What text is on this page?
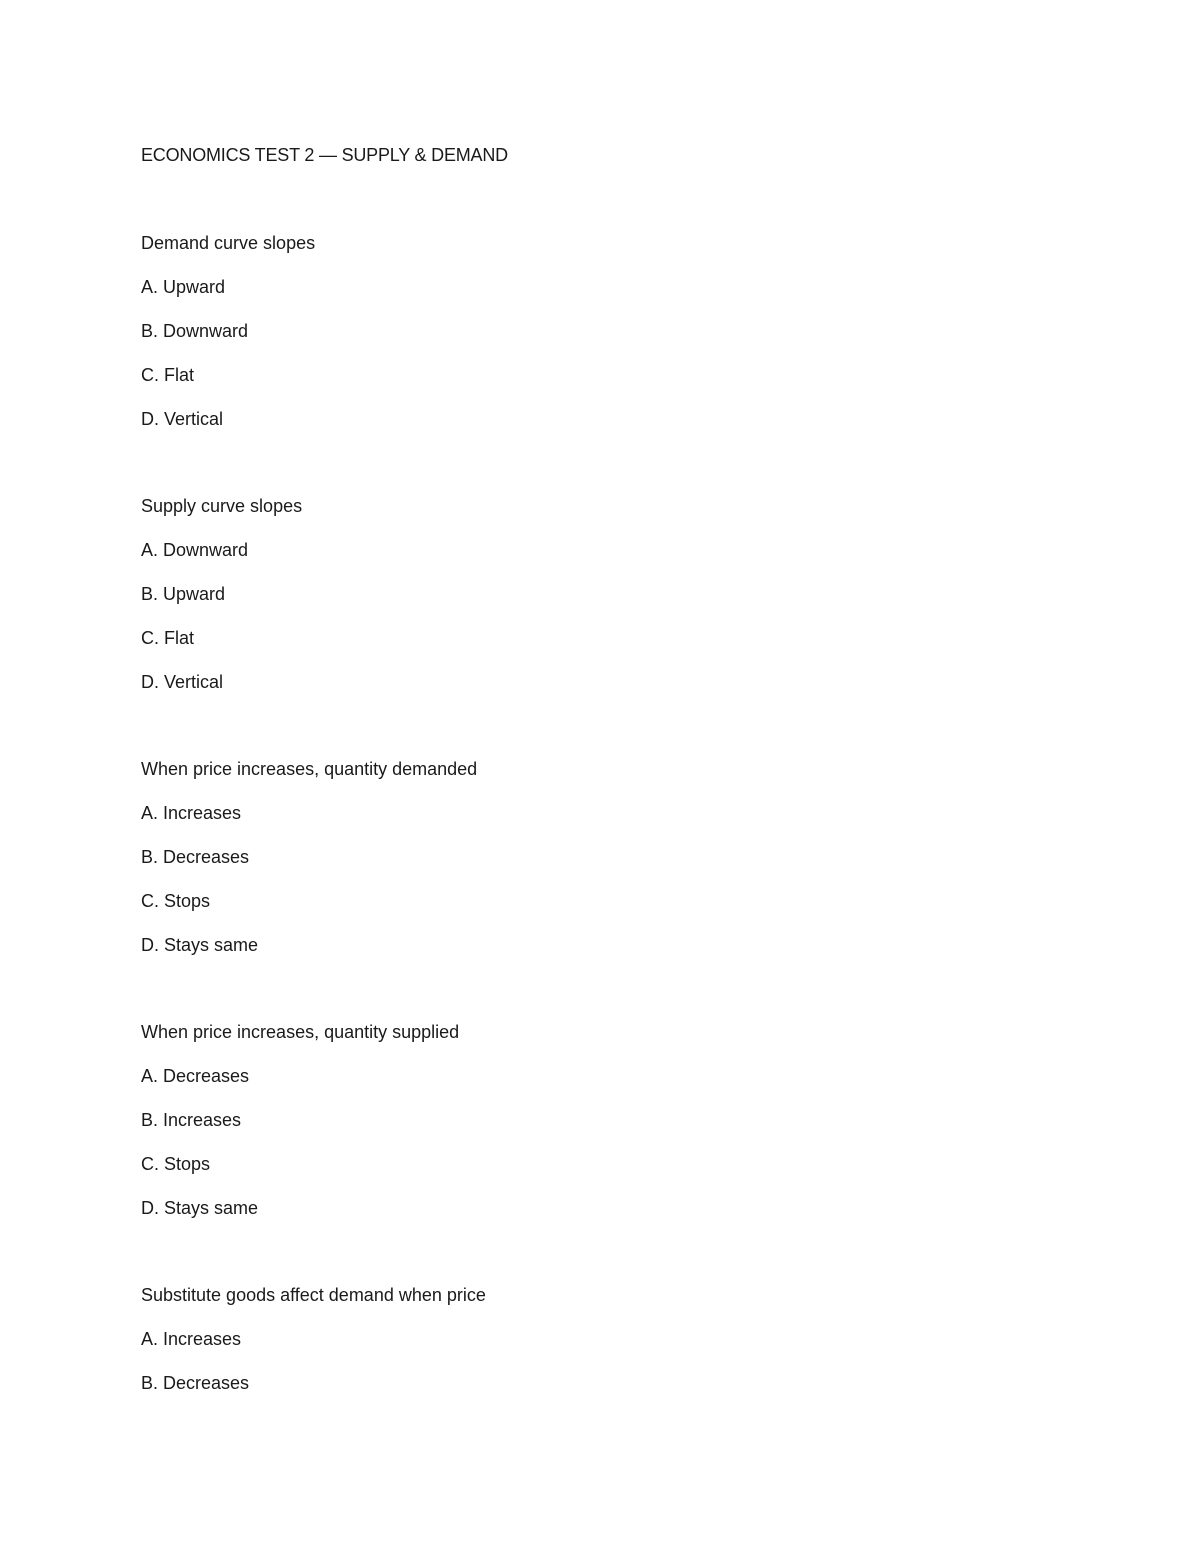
ECONOMICS TEST 2 — SUPPLY & DEMAND

Demand curve slopes

A. Upward

B. Downward

C. Flat

D. Vertical

Supply curve slopes

A. Downward

B. Upward

C. Flat

D. Vertical

When price increases, quantity demanded

A. Increases

B. Decreases

C. Stops

D. Stays same

When price increases, quantity supplied

A. Decreases

B. Increases

C. Stops

D. Stays same

Substitute goods affect demand when price

A. Increases

B. Decreases
